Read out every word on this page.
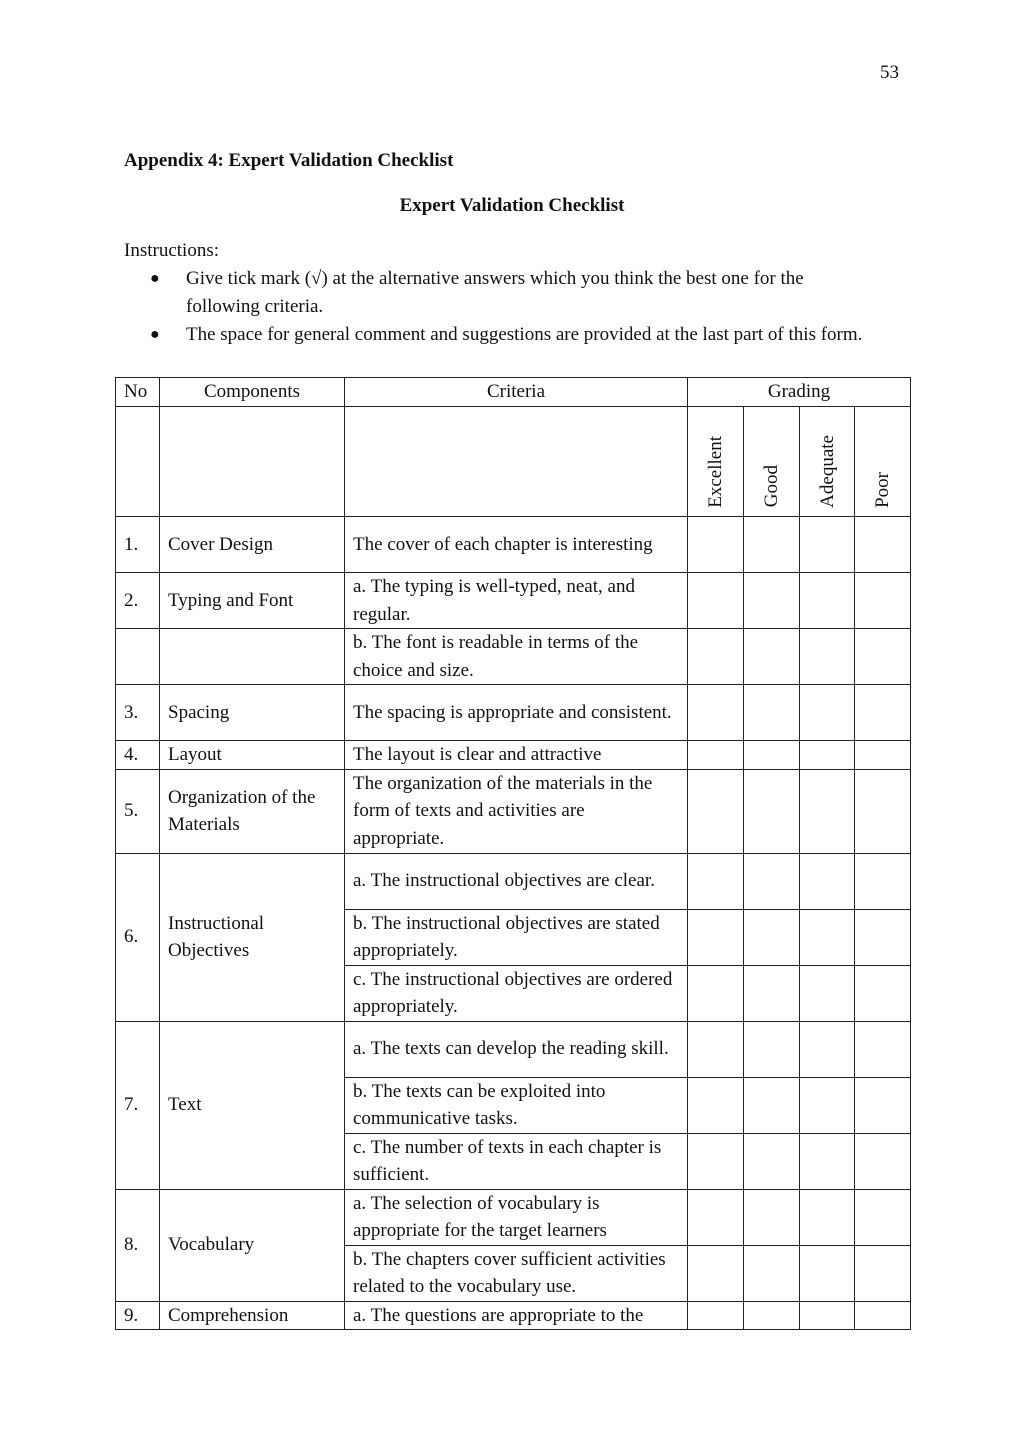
53
Appendix 4: Expert Validation Checklist
Expert Validation Checklist
Instructions:
● Give tick mark (√) at the alternative answers which you think the best one for the following criteria.
● The space for general comment and suggestions are provided at the last part of this form.
No	Components	Criteria	Grading			
			Excellent	Good	Adequate	Poor
1.	Cover Design	The cover of each chapter is interesting				
2.	Typing and Font	a. The typing is well-typed, neat, and regular.				
		b. The font is readable in terms of the choice and size.				
3.	Spacing	The spacing is appropriate and consistent.				
4.	Layout	The layout is clear and attractive				
5.	Organization of the Materials	The organization of the materials in the form of texts and activities are appropriate.				
6.	Instructional Objectives	a. The instructional objectives are clear.				
		b. The instructional objectives are stated appropriately.				
		c. The instructional objectives are ordered appropriately.				
7.	Text	a. The texts can develop the reading skill.				
		b. The texts can be exploited into communicative tasks.				
		c. The number of texts in each chapter is sufficient.				
8.	Vocabulary	a. The selection of vocabulary is appropriate for the target learners				
		b. The chapters cover sufficient activities related to the vocabulary use.				
9.	Comprehension	a. The questions are appropriate to the				
